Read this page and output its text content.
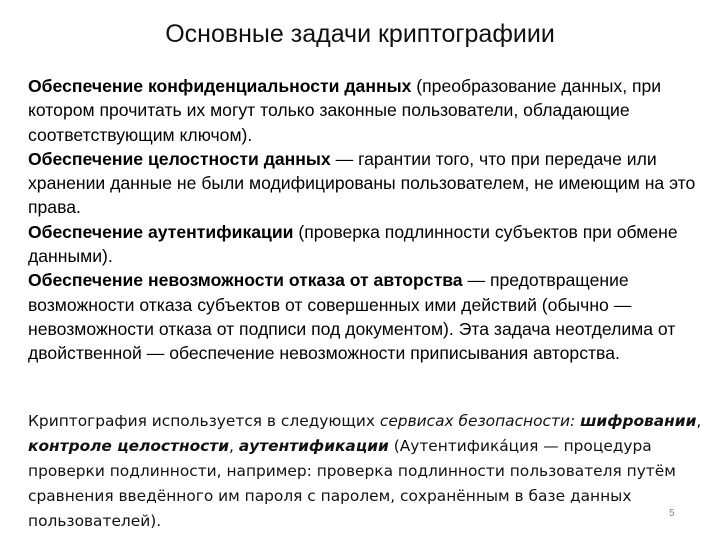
Основные задачи криптографиии

Обеспечение конфиденциальности данных (преобразование данных, при котором прочитать их могут только законные пользователи, обладающие соответствующим ключом).

Обеспечение целостности данных — гарантии того, что при передаче или хранении данные не были модифицированы пользователем, не имеющим на это права.

Обеспечение аутентификации (проверка подлинности субъектов при обмене данными).

Обеспечение невозможности отказа от авторства — предотвращение возможности отказа субъектов от совершенных ими действий (обычно — невозможности отказа от подписи под документом). Эта задача неотделима от двойственной — обеспечение невозможности приписывания авторства.

Криптография используется в следующих сервисах безопасности: шифровании, контроле целостности, аутентификации (Аутентифика́ция — процедура проверки подлинности, например: проверка подлинности пользователя путём сравнения введённого им пароля с паролем, сохранённым в базе данных пользователей).	5
